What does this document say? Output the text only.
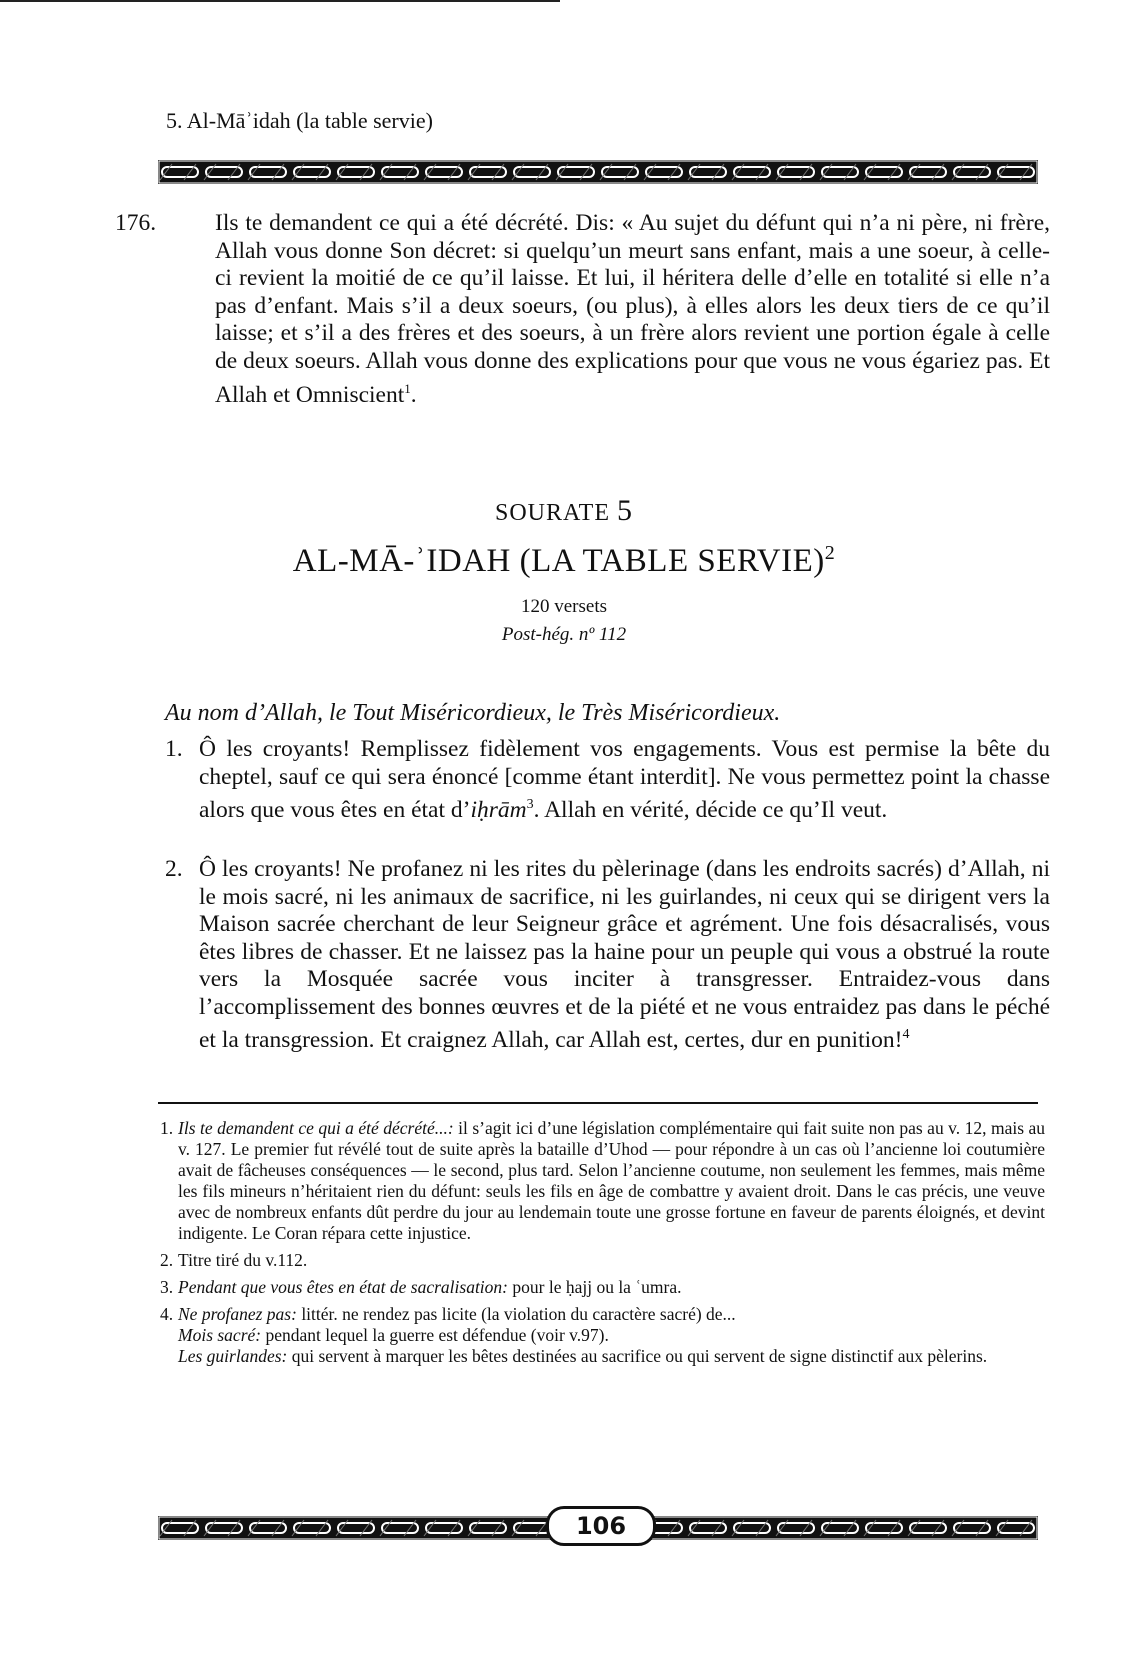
5. Al-Māʾidah (la table servie)
176.	Ils te demandent ce qui a été décrété. Dis: « Au sujet du défunt qui n’a ni père, ni frère, Allah vous donne Son décret: si quelqu’un meurt sans enfant, mais a une soeur, à celle-ci revient la moitié de ce qu’il laisse. Et lui, il héritera delle d’elle en totalité si elle n’a pas d’enfant. Mais s’il a deux soeurs, (ou plus), à elles alors les deux tiers de ce qu’il laisse; et s’il a des frères et des soeurs, à un frère alors revient une portion égale à celle de deux soeurs. Allah vous donne des explications pour que vous ne vous égariez pas. Et Allah et Omniscient$^1$.
SOURATE 5
AL-MĀ-ʾIDAH (LA TABLE SERVIE)$^2$
120 versets
Post-hég. nº 112
Au nom d’Allah, le Tout Miséricordieux, le Très Miséricordieux.
1. Ô les croyants! Remplissez fidèlement vos engagements. Vous est permise la bête du cheptel, sauf ce qui sera énoncé [comme étant interdit]. Ne vous permettez point la chasse alors que vous êtes en état d’iḥrām$^3$. Allah en vérité, décide ce qu’Il veut.
2. Ô les croyants! Ne profanez ni les rites du pèlerinage (dans les endroits sacrés) d’Allah, ni le mois sacré, ni les animaux de sacrifice, ni les guirlandes, ni ceux qui se dirigent vers la Maison sacrée cherchant de leur Seigneur grâce et agrément. Une fois désacralisés, vous êtes libres de chasser. Et ne laissez pas la haine pour un peuple qui vous a obstrué la route vers la Mosquée sacrée vous inciter à transgresser. Entraidez-vous dans l’accomplissement des bonnes œuvres et de la piété et ne vous entraidez pas dans le péché et la transgression. Et craignez Allah, car Allah est, certes, dur en punition!$^4$
1. Ils te demandent ce qui a été décrété...: il s’agit ici d’une législation complémentaire qui fait suite non pas au v. 12, mais au v. 127. Le premier fut révélé tout de suite après la bataille d’Uhod — pour répondre à un cas où l’ancienne loi coutumière avait de fâcheuses conséquences — le second, plus tard. Selon l’ancienne coutume, non seulement les femmes, mais même les fils mineurs n’héritaient rien du défunt: seuls les fils en âge de combattre y avaient droit. Dans le cas précis, une veuve avec de nombreux enfants dût perdre du jour au lendemain toute une grosse fortune en faveur de parents éloignés, et devint indigente. Le Coran répara cette injustice.
2. Titre tiré du v.112.
3. Pendant que vous êtes en état de sacralisation: pour le ḥajj ou la ʿumra.
4. Ne profanez pas: littér. ne rendez pas licite (la violation du caractère sacré) de...
Mois sacré: pendant lequel la guerre est défendue (voir v.97).
Les guirlandes: qui servent à marquer les bêtes destinées au sacrifice ou qui servent de signe distinctif aux pèlerins.
106
